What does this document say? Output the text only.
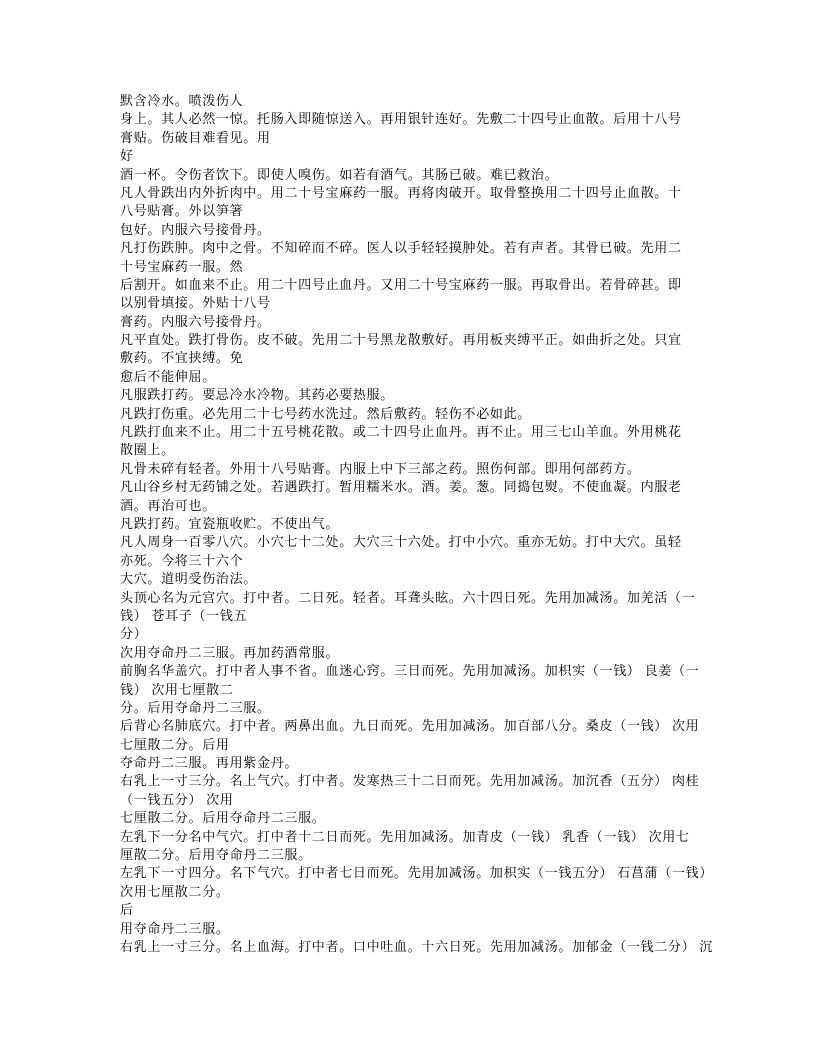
默含冷水。喷泼伤人
身上。其人必然一惊。托肠入即随惊送入。再用银针连好。先敷二十四号止血散。后用十八号
膏贴。伤破目难看见。用
好
酒一杯。令伤者饮下。即使人嗅伤。如若有酒气。其肠已破。难已救治。
凡人骨跌出内外折肉中。用二十号宝麻药一服。再将肉破开。取骨整换用二十四号止血散。十
八号贴膏。外以笋箸
包好。内服六号接骨丹。
凡打伤跌肿。肉中之骨。不知碎而不碎。医人以手轻轻摸肿处。若有声者。其骨已破。先用二
十号宝麻药一服。然
后割开。如血来不止。用二十四号止血丹。又用二十号宝麻药一服。再取骨出。若骨碎甚。即
以别骨填接。外贴十八号
膏药。内服六号接骨丹。
凡平直处。跌打骨伤。皮不破。先用二十号黑龙散敷好。再用板夹缚平正。如曲折之处。只宜
敷药。不宜挟缚。免
愈后不能伸屈。
凡服跌打药。要忌冷水冷物。其药必要热服。
凡跌打伤重。必先用二十七号药水洗过。然后敷药。轻伤不必如此。
凡跌打血来不止。用二十五号桃花散。或二十四号止血丹。再不止。用三七山羊血。外用桃花
散圈上。
凡骨未碎有轻者。外用十八号贴膏。内服上中下三部之药。照伤何部。即用何部药方。
凡山谷乡村无药铺之处。若遇跌打。暂用糯米水。酒。姜。葱。同捣包熨。不使血凝。内服老
酒。再治可也。
凡跌打药。宜瓷瓶收贮。不使出气。
凡人周身一百零八穴。小穴七十二处。大穴三十六处。打中小穴。重亦无妨。打中大穴。虽轻
亦死。今将三十六个
大穴。道明受伤治法。
头顶心名为元宫穴。打中者。二日死。轻者。耳聋头眩。六十四日死。先用加减汤。加羌活（一
钱） 苍耳子（一钱五
分）
次用夺命丹二三服。再加药酒常服。
前胸名华盖穴。打中者人事不省。血迷心窍。三日而死。先用加减汤。加枳实（一钱） 良姜（一
钱） 次用七厘散二
分。后用夺命丹二三服。
后背心名肺底穴。打中者。两鼻出血。九日而死。先用加减汤。加百部八分。桑皮（一钱） 次用
七厘散二分。后用
夺命丹二三服。再用紫金丹。
右乳上一寸三分。名上气穴。打中者。发寒热三十二日而死。先用加减汤。加沉香（五分） 肉桂
（一钱五分） 次用
七厘散二分。后用夺命丹二三服。
左乳下一分名中气穴。打中者十二日而死。先用加减汤。加青皮（一钱） 乳香（一钱） 次用七
厘散二分。后用夺命丹二三服。
左乳下一寸四分。名下气穴。打中者七日而死。先用加减汤。加枳实（一钱五分） 石菖蒲（一钱）
次用七厘散二分。
后
用夺命丹二三服。
右乳上一寸三分。名上血海。打中者。口中吐血。十六日死。先用加减汤。加郁金（一钱二分） 沉
